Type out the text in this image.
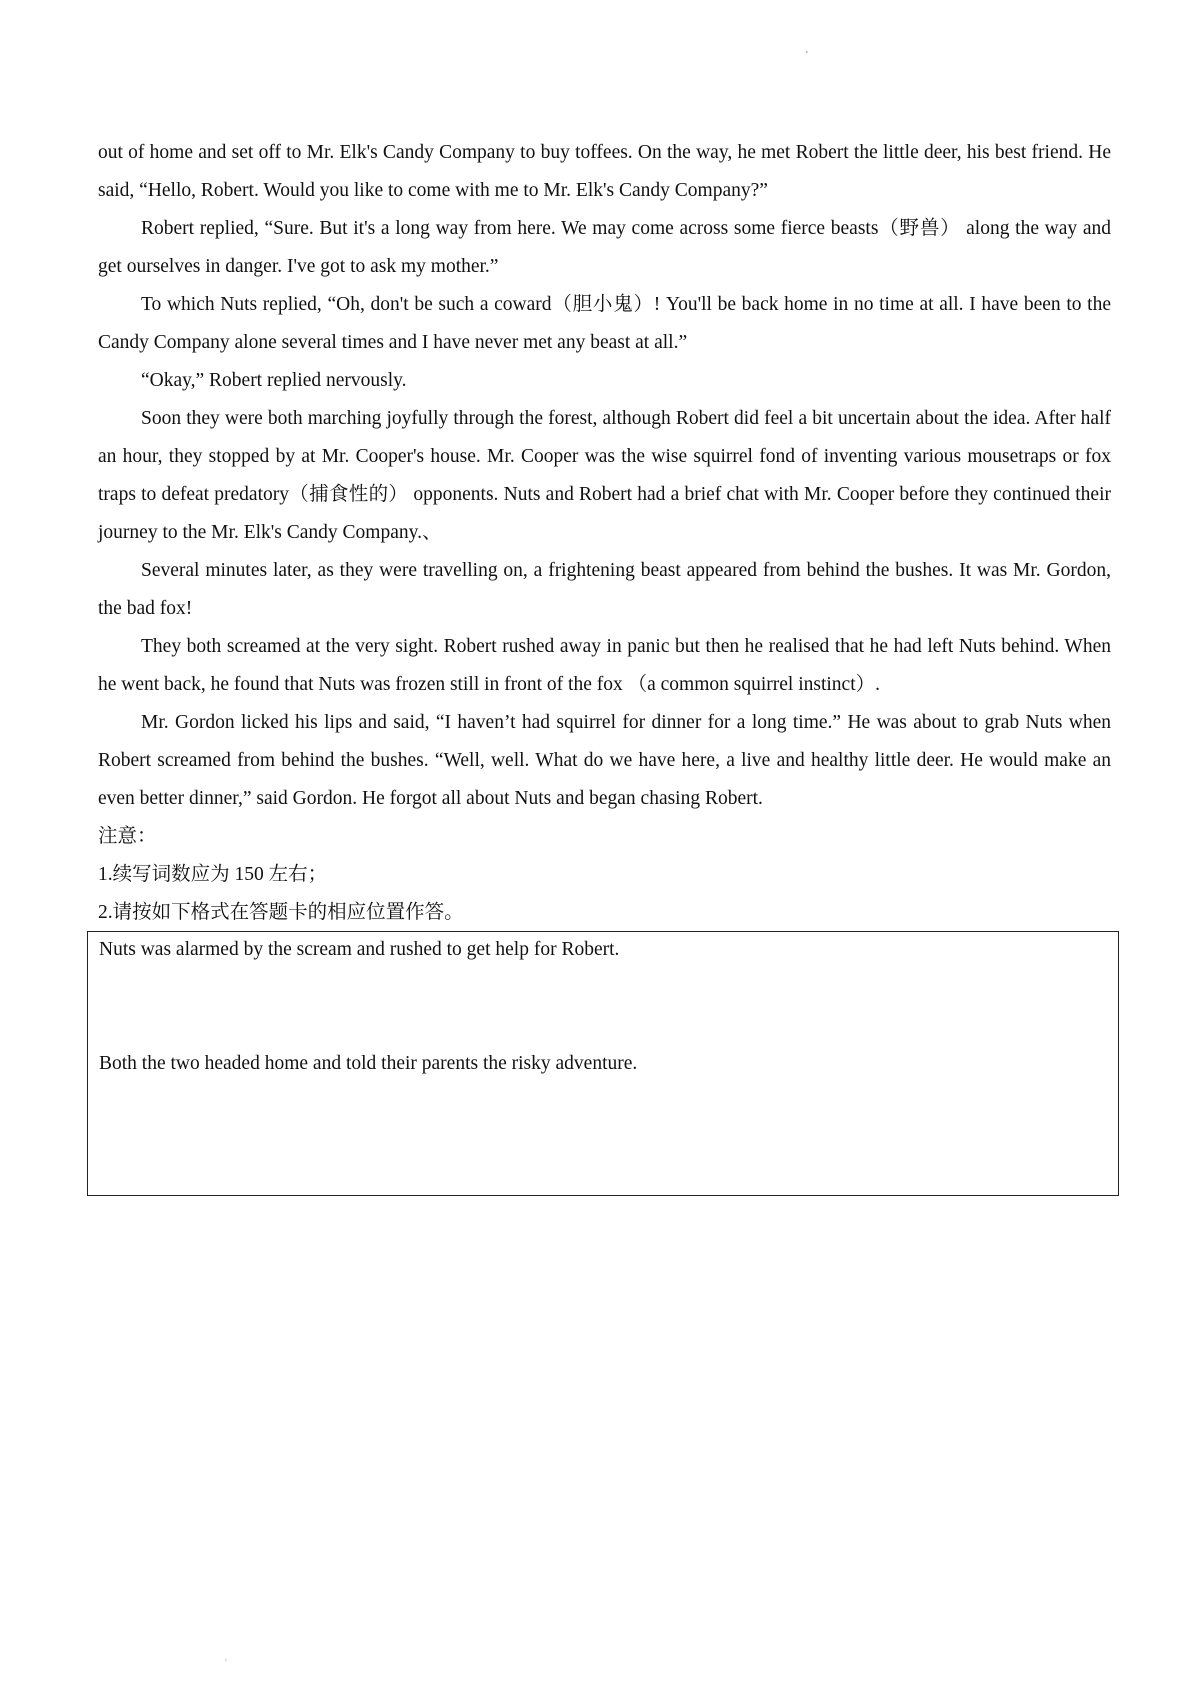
'

out of home and set off to Mr. Elk's Candy Company to buy toffees. On the way, he met Robert the little deer, his best friend. He said, “Hello, Robert. Would you like to come with me to Mr. Elk's Candy Company?”

Robert replied, “Sure. But it's a long way from here. We may come across some fierce beasts（野兽） along the way and get ourselves in danger. I've got to ask my mother.”

To which Nuts replied, “Oh, don't be such a coward（胆小鬼）! You'll be back home in no time at all. I have been to the Candy Company alone several times and I have never met any beast at all.”

“Okay,” Robert replied nervously.

Soon they were both marching joyfully through the forest, although Robert did feel a bit uncertain about the idea. After half an hour, they stopped by at Mr. Cooper's house. Mr. Cooper was the wise squirrel fond of inventing various mousetraps or fox traps to defeat predatory（捕食性的） opponents. Nuts and Robert had a brief chat with Mr. Cooper before they continued their journey to the Mr. Elk's Candy Company.、

Several minutes later, as they were travelling on, a frightening beast appeared from behind the bushes. It was Mr. Gordon, the bad fox!

They both screamed at the very sight. Robert rushed away in panic but then he realised that he had left Nuts behind. When he went back, he found that Nuts was frozen still in front of the fox （a common squirrel instinct）.

Mr. Gordon licked his lips and said, “I haven’t had squirrel for dinner for a long time.” He was about to grab Nuts when Robert screamed from behind the bushes. “Well, well. What do we have here, a live and healthy little deer. He would make an even better dinner,” said Gordon. He forgot all about Nuts and began chasing Robert.

注意：

1.续写词数应为 150 左右；

2.请按如下格式在答题卡的相应位置作答。

Nuts was alarmed by the scream and rushed to get help for Robert.

Both the two headed home and told their parents the risky adventure.

'
